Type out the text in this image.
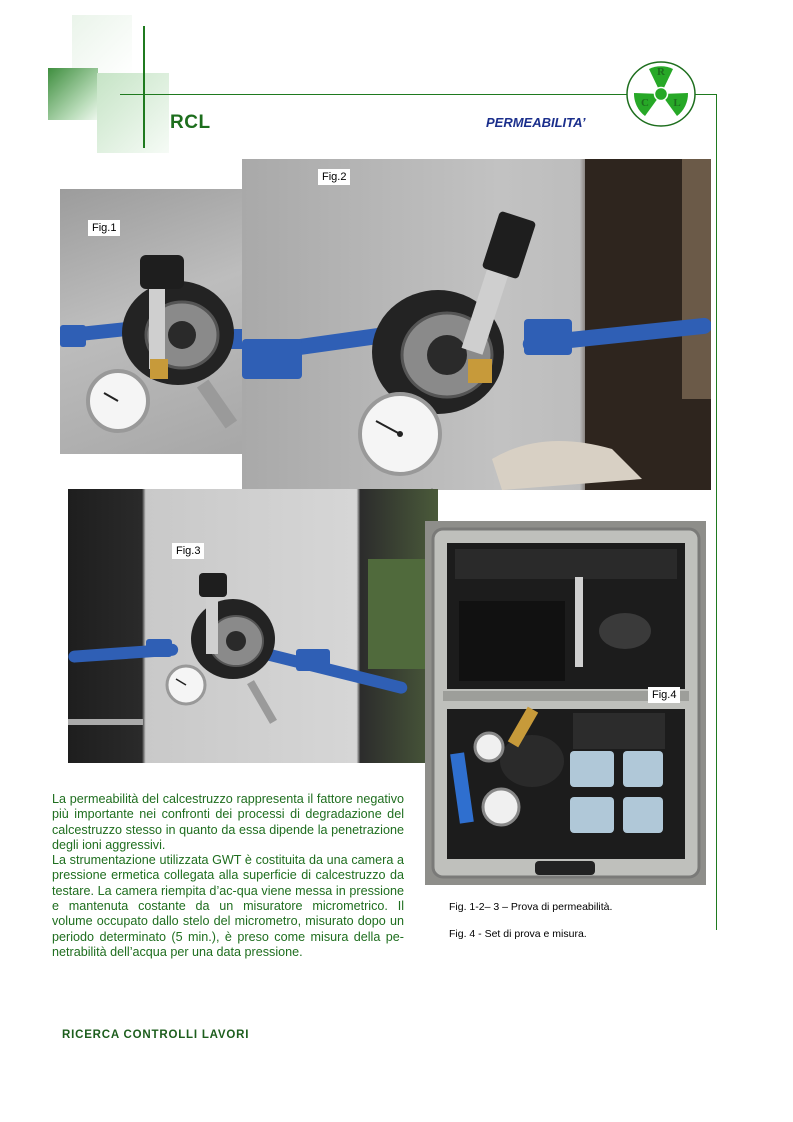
RCL	PERMEABILITA’
R
C L
Fig.2
Fig.1
Fig.3
Fig.4

La permeabilità del calcestruzzo rappresenta il fattore negativo più importante nei confronti dei processi di degradazione del calcestruzzo stesso in quanto da essa dipende la penetrazione degli ioni aggressivi.

La strumentazione utilizzata GWT è costituita da una camera a pressione ermetica collegata alla superficie di calcestruzzo da testare. La camera riempita d’ac-qua viene messa in pressione e mantenuta costante da un misuratore micrometrico. Il volume occupato dallo stelo del micrometro, misurato dopo un periodo determinato (5 min.), è preso come misura della pe-netrabilità dell’acqua per una data pressione.

Fig. 1-2– 3 – Prova di permeabilità.
Fig. 4 - Set di prova e misura.
RICERCA CONTROLLI LAVORI
